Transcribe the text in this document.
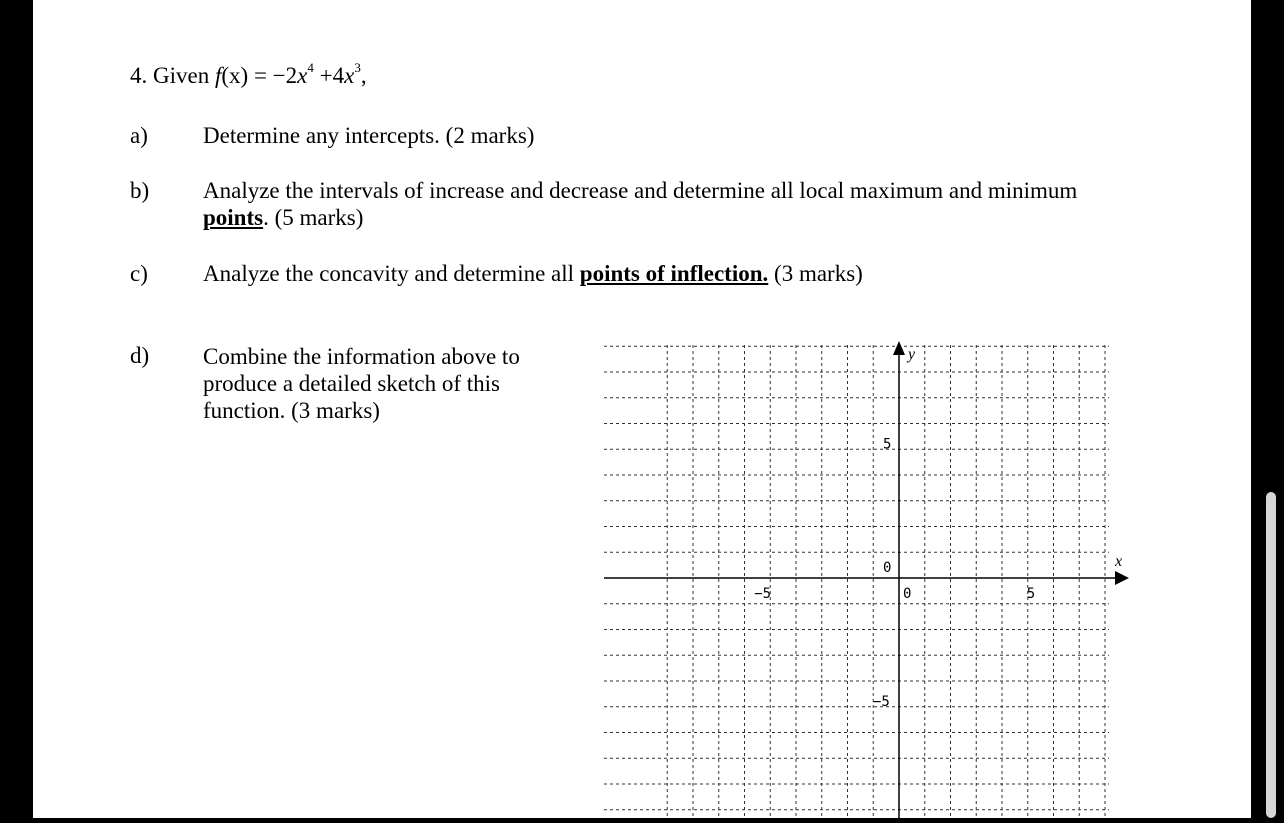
4. Given $f(x) = -2x^4 +4x^3$,
a) Determine any intercepts. (2 marks)
b) Analyze the intervals of increase and decrease and determine all local maximum and minimum
points. (5 marks)
c) Analyze the concavity and determine all points of inflection. (3 marks)
d) Combine the information above to
produce a detailed sketch of this
function. (3 marks)
x
y
−5	0	5
5
0
−5
